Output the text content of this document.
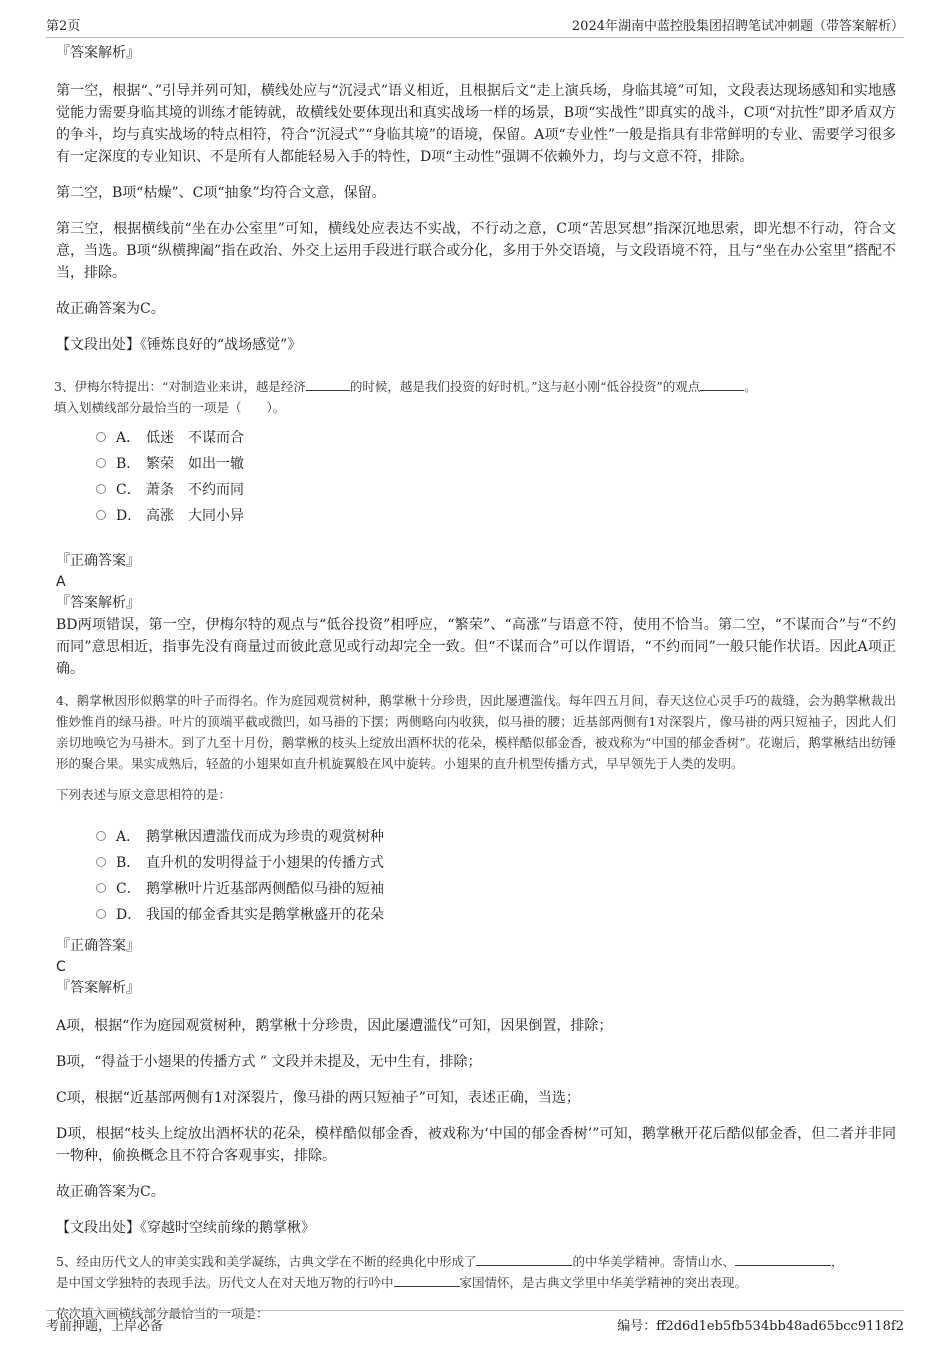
第2页	2024年湖南中蓝控股集团招聘笔试冲刺题（带答案解析）

『答案解析』

第一空，根据“、”引导并列可知，横线处应与“沉浸式”语义相近，且根据后文“走上演兵场，身临其境”可知，文段表达现场感知和实地感觉能力需要身临其境的训练才能铸就，故横线处要体现出和真实战场一样的场景，B项“实战性”即真实的战斗，C项“对抗性”即矛盾双方的争斗，均与真实战场的特点相符，符合“沉浸式”“身临其境”的语境，保留。A项“专业性”一般是指具有非常鲜明的专业、需要学习很多有一定深度的专业知识、不是所有人都能轻易入手的特性，D项“主动性”强调不依赖外力，均与文意不符，排除。

第二空，B项“枯燥”、C项“抽象”均符合文意，保留。

第三空，根据横线前“坐在办公室里”可知，横线处应表达不实战，不行动之意，C项“苦思冥想”指深沉地思索，即光想不行动，符合文意，当选。B项“纵横捭阖”指在政治、外交上运用手段进行联合或分化，多用于外交语境，与文段语境不符，且与“坐在办公室里”搭配不当，排除。

故正确答案为C。

【文段出处】《锤炼良好的“战场感觉”》

3、伊梅尔特提出：“对制造业来讲，越是经济	的时候，越是我们投资的好时机。”这与赵小刚“低谷投资”的观点	。

填入划横线部分最恰当的一项是（　　）。

A． 低迷　不谋而合
B． 繁荣　如出一辙
C． 萧条　不约而同
D． 高涨　大同小异

『正确答案』

A

『答案解析』

BD两项错误，第一空，伊梅尔特的观点与“低谷投资”相呼应，“繁荣”、“高涨”与语意不符，使用不恰当。第二空，“不谋而合”与“不约而同”意思相近，指事先没有商量过而彼此意见或行动却完全一致。但“不谋而合”可以作谓语，“不约而同”一般只能作状语。因此A项正确。

4、鹅掌楸因形似鹅掌的叶子而得名。作为庭园观赏树种，鹅掌楸十分珍贵，因此屡遭滥伐。每年四五月间，春天这位心灵手巧的裁缝，会为鹅掌楸裁出惟妙惟肖的绿马褂。叶片的顶端平截或微凹，如马褂的下摆；两侧略向内收狭，似马褂的腰；近基部两侧有1对深裂片，像马褂的两只短袖子，因此人们亲切地唤它为马褂木。到了九至十月份，鹅掌楸的枝头上绽放出酒杯状的花朵，模样酷似郁金香，被戏称为“中国的郁金香树”。花谢后，鹅掌楸结出纺锤形的聚合果。果实成熟后，轻盈的小翅果如直升机旋翼般在风中旋转。小翅果的直升机型传播方式，早早领先于人类的发明。

下列表述与原文意思相符的是：

A． 鹅掌楸因遭滥伐而成为珍贵的观赏树种
B． 直升机的发明得益于小翅果的传播方式
C． 鹅掌楸叶片近基部两侧酷似马褂的短袖
D． 我国的郁金香其实是鹅掌楸盛开的花朵

『正确答案』

C

『答案解析』

A项，根据“作为庭园观赏树种，鹅掌楸十分珍贵，因此屡遭滥伐”可知，因果倒置，排除；

B项，“得益于小翅果的传播方式 ” 文段并未提及，无中生有，排除；

C项，根据“近基部两侧有1对深裂片，像马褂的两只短袖子”可知，表述正确，当选；

D项，根据“枝头上绽放出酒杯状的花朵，模样酷似郁金香，被戏称为‘中国的郁金香树’”可知，鹅掌楸开花后酷似郁金香，但二者并非同一物种，偷换概念且不符合客观事实，排除。

故正确答案为C。

【文段出处】《穿越时空续前缘的鹅掌楸》

5、经由历代文人的审美实践和美学凝练，古典文学在不断的经典化中形成了	的中华美学精神。寄情山水、	，
是中国文学独特的表现手法。历代文人在对天地万物的行吟中	家国情怀，是古典文学里中华美学精神的突出表现。

依次填入画横线部分最恰当的一项是：

考前押题，上岸必备	编号：ff2d6d1eb5fb534bb48ad65bcc9118f2
